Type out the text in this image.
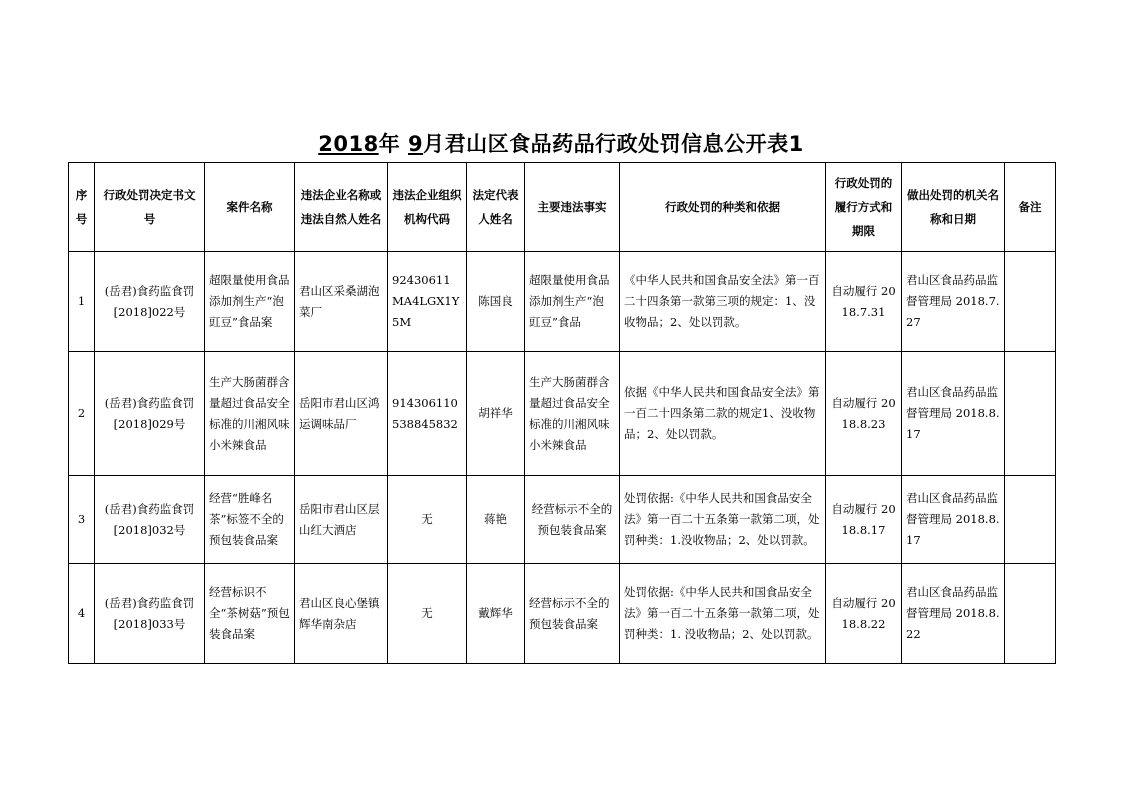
2018年 9月君山区食品药品行政处罚信息公开表1
序号	行政处罚决定书文号	案件名称	违法企业名称或违法自然人姓名	违法企业组织机构代码	法定代表人姓名	主要违法事实	行政处罚的种类和依据	行政处罚的履行方式和期限	做出处罚的机关名称和日期	备注
1	(岳君)食药监食罚[2018]022号	超限量使用食品添加剂生产“泡豇豆”食品案	君山区采桑湖泡菜厂	92430611MA4LGX1Y5M	陈国良	超限量使用食品添加剂生产“泡豇豆”食品	《中华人民共和国食品安全法》第一百二十四条第一款第三项的规定：1、没收物品；2、处以罚款。	自动履行 2018.7.31	君山区食品药品监督管理局 2018.7.27	
2	(岳君)食药监食罚[2018]029号	生产大肠菌群含量超过食品安全标准的川湘风味小米辣食品	岳阳市君山区鸿运调味品厂	914306110538845832	胡祥华	生产大肠菌群含量超过食品安全标准的川湘风味小米辣食品	依据《中华人民共和国食品安全法》第一百二十四条第二款的规定1、没收物品；2、处以罚款。	自动履行 2018.8.23	君山区食品药品监督管理局 2018.8.17	
3	(岳君)食药监食罚[2018]032号	经营“胜峰名茶”标签不全的预包装食品案	岳阳市君山区层山红大酒店	无	蒋艳	经营标示不全的预包装食品案	处罚依据:《中华人民共和国食品安全法》第一百二十五条第一款第二项，处罚种类：1.没收物品；2、处以罚款。	自动履行 2018.8.17	君山区食品药品监督管理局 2018.8.17	
4	(岳君)食药监食罚[2018]033号	经营标识不全“茶树菇”预包装食品案	君山区良心堡镇辉华南杂店	无	戴辉华	经营标示不全的预包装食品案	处罚依据:《中华人民共和国食品安全法》第一百二十五条第一款第二项，处罚种类：1. 没收物品；2、处以罚款。	自动履行 2018.8.22	君山区食品药品监督管理局 2018.8.22	
